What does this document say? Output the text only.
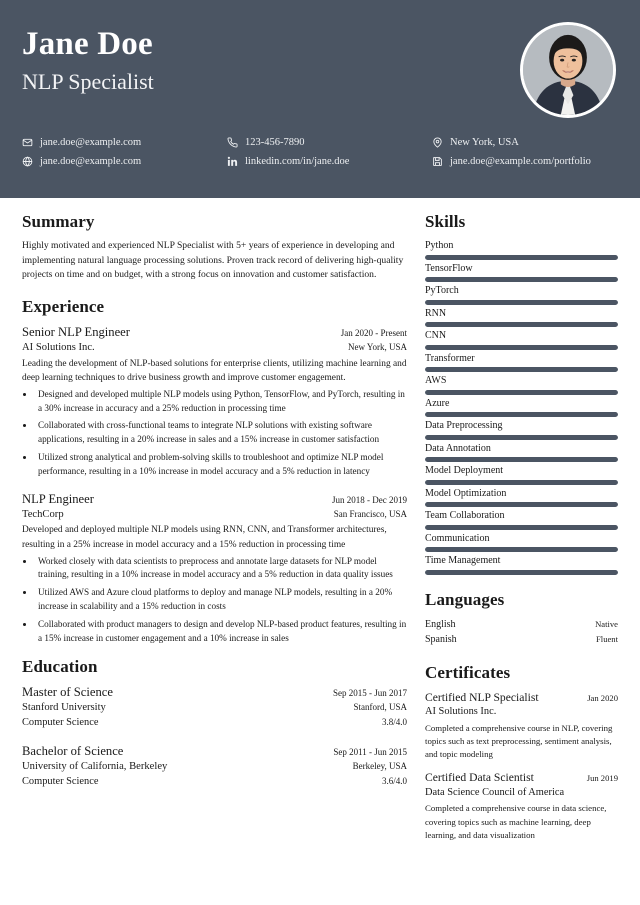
Jane Doe
NLP Specialist
jane.doe@example.com	123-456-7890	New York, USA
jane.doe@example.com	linkedin.com/in/jane.doe	jane.doe@example.com/portfolio
Summary
Highly motivated and experienced NLP Specialist with 5+ years of experience in developing and implementing natural language processing solutions. Proven track record of delivering high-quality projects on time and on budget, with a strong focus on innovation and customer satisfaction.
Experience
Senior NLP Engineer	Jan 2020 - Present
AI Solutions Inc.	New York, USA
Leading the development of NLP-based solutions for enterprise clients, utilizing machine learning and deep learning techniques to drive business growth and improve customer engagement.
• Designed and developed multiple NLP models using Python, TensorFlow, and PyTorch, resulting in a 30% increase in accuracy and a 25% reduction in processing time
• Collaborated with cross-functional teams to integrate NLP solutions with existing software applications, resulting in a 20% increase in sales and a 15% increase in customer satisfaction
• Utilized strong analytical and problem-solving skills to troubleshoot and optimize NLP model performance, resulting in a 10% increase in model accuracy and a 5% reduction in latency
NLP Engineer	Jun 2018 - Dec 2019
TechCorp	San Francisco, USA
Developed and deployed multiple NLP models using RNN, CNN, and Transformer architectures, resulting in a 25% increase in model accuracy and a 15% reduction in processing time
• Worked closely with data scientists to preprocess and annotate large datasets for NLP model training, resulting in a 10% increase in model accuracy and a 5% reduction in data quality issues
• Utilized AWS and Azure cloud platforms to deploy and manage NLP models, resulting in a 20% increase in scalability and a 15% reduction in costs
• Collaborated with product managers to design and develop NLP-based product features, resulting in a 15% increase in customer engagement and a 10% increase in sales
Education
Master of Science	Sep 2015 - Jun 2017
Stanford University	Stanford, USA
Computer Science	3.8/4.0
Bachelor of Science	Sep 2011 - Jun 2015
University of California, Berkeley	Berkeley, USA
Computer Science	3.6/4.0
Skills
Python
TensorFlow
PyTorch
RNN
CNN
Transformer
AWS
Azure
Data Preprocessing
Data Annotation
Model Deployment
Model Optimization
Team Collaboration
Communication
Time Management
Languages
English	Native
Spanish	Fluent
Certificates
Certified NLP Specialist	Jan 2020
AI Solutions Inc.
Completed a comprehensive course in NLP, covering topics such as text preprocessing, sentiment analysis, and topic modeling
Certified Data Scientist	Jun 2019
Data Science Council of America
Completed a comprehensive course in data science, covering topics such as machine learning, deep learning, and data visualization
